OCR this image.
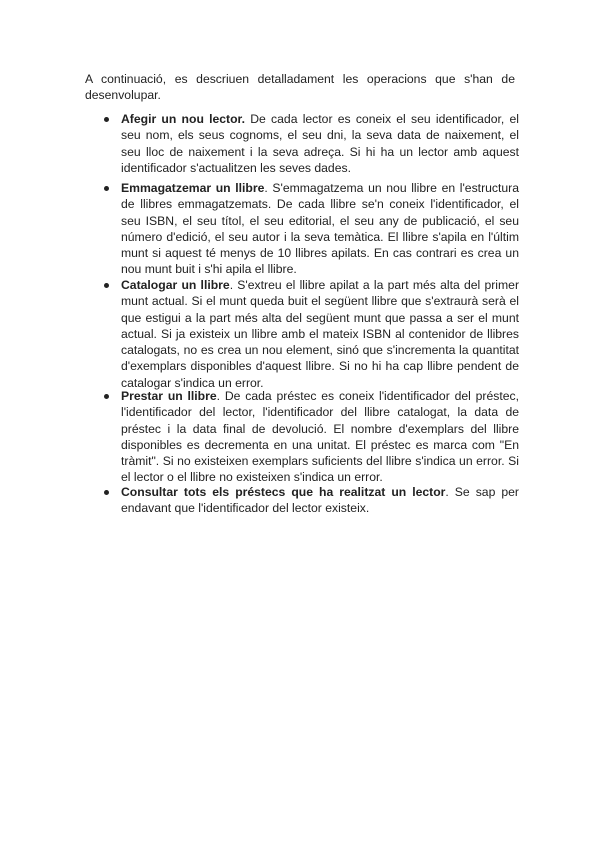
A continuació, es descriuen detalladament les operacions que s'han de desenvolupar.

Afegir un nou lector. De cada lector es coneix el seu identificador, el seu nom, els seus cognoms, el seu dni, la seva data de naixement, el seu lloc de naixement i la seva adreça. Si hi ha un lector amb aquest identificador s'actualitzen les seves dades.

Emmagatzemar un llibre. S'emmagatzema un nou llibre en l'estructura de llibres emmagatzemats. De cada llibre se'n coneix l'identificador, el seu ISBN, el seu títol, el seu editorial, el seu any de publicació, el seu número d'edició, el seu autor i la seva temàtica. El llibre s'apila en l'últim munt si aquest té menys de 10 llibres apilats. En cas contrari es crea un nou munt buit i s'hi apila el llibre.

Catalogar un llibre. S'extreu el llibre apilat a la part més alta del primer munt actual. Si el munt queda buit el següent llibre que s'extraurà serà el que estigui a la part més alta del següent munt que passa a ser el munt actual. Si ja existeix un llibre amb el mateix ISBN al contenidor de llibres catalogats, no es crea un nou element, sinó que s'incrementa la quantitat d'exemplars disponibles d'aquest llibre. Si no hi ha cap llibre pendent de catalogar s'indica un error.

Prestar un llibre. De cada préstec es coneix l'identificador del préstec, l'identificador del lector, l'identificador del llibre catalogat, la data de préstec i la data final de devolució. El nombre d'exemplars del llibre disponibles es decrementa en una unitat. El préstec es marca com "En tràmit". Si no existeixen exemplars suficients del llibre s'indica un error. Si el lector o el llibre no existeixen s'indica un error.

Consultar tots els préstecs que ha realitzat un lector. Se sap per endavant que l'identificador del lector existeix.
